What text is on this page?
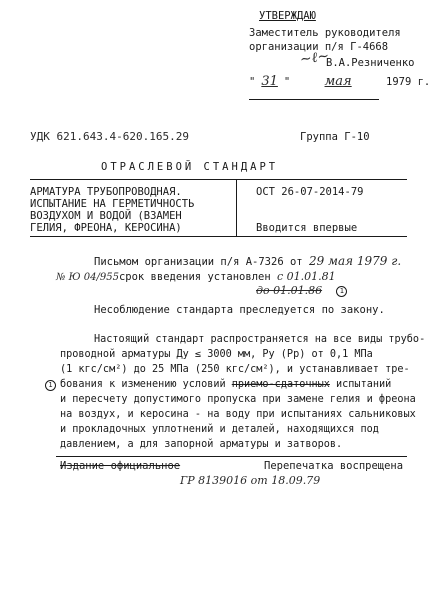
УТВЕРЖДАЮ
Заместитель руководителя
организации п/я Г-4668
~ℓ~
В.А.Резниченко
" 31 "	мая	1979 г.
УДК 621.643.4-620.165.29	Группа Г-10
ОТРАСЛЕВОЙ СТАНДАРТ
АРМАТУРА ТРУБОПРОВОДНАЯ.
ИСПЫТАНИЕ НА ГЕРМЕТИЧНОСТЬ
ВОЗДУХОМ И ВОДОЙ (ВЗАМЕН
ГЕЛИЯ, ФРЕОНА, КЕРОСИНА)
ОСТ 26-07-2014-79
Вводится впервые
Письмом организации п/я А-7326 от 29 мая 1979 г.
№ Ю 04/955срок введения установлен с 01.01.81
до 01.01.86	1
Несоблюдение стандарта преследуется по закону.
Настоящий стандарт распространяется на все виды трубо-
проводной арматуры Ду ≤ 3000 мм, Ру (Рр) от 0,1 МПа
(1 кгс/см²) до 25 МПа (250 кгс/см²), и устанавливает тре-
1 бования к изменению условий приемо-сдаточных испытаний
и пересчету допустимого пропуска при замене гелия и фреона
на воздух, и керосина - на воду при испытаниях сальниковых
и прокладочных уплотнений и деталей, находящихся под
давлением, а для запорной арматуры и затворов.
Издание официальное	Перепечатка воспрещена
ГР 8139016 от 18.09.79
